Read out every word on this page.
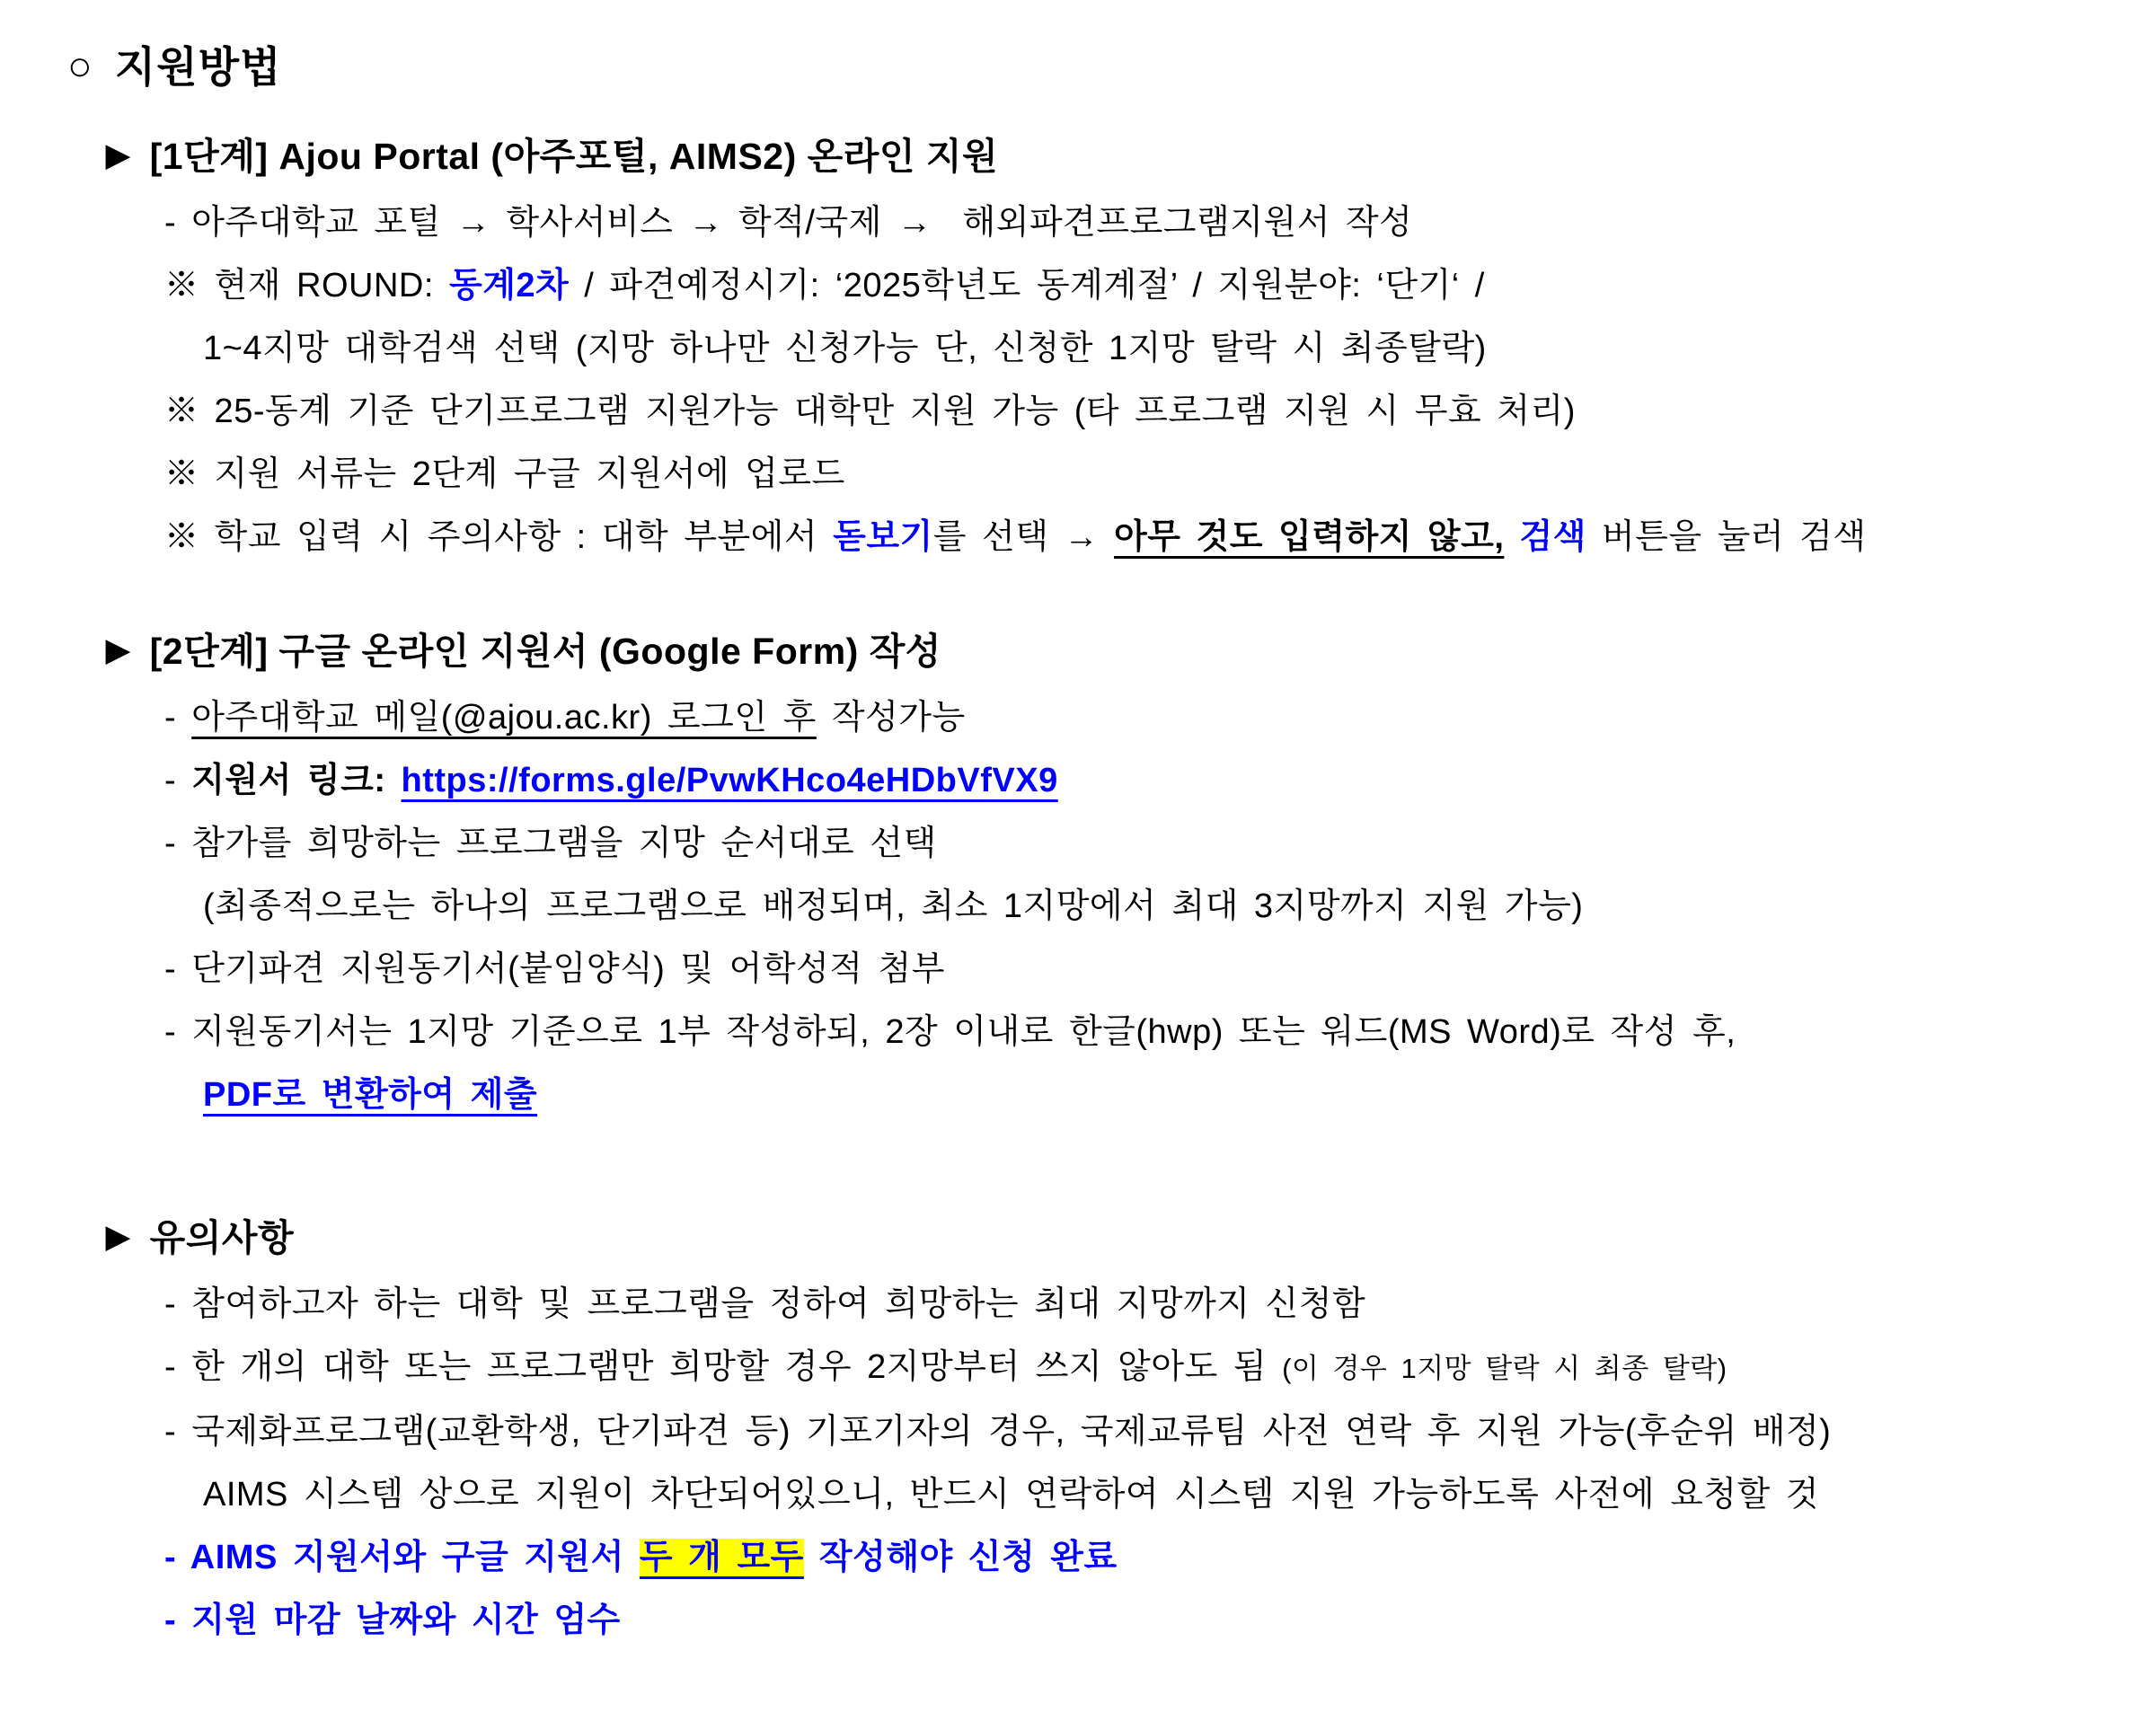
○ 지원방법
▶ [1단계] Ajou Portal (아주포털, AIMS2) 온라인 지원
- 아주대학교 포털 → 학사서비스 → 학적/국제 →  해외파견프로그램지원서 작성
※ 현재 ROUND: 동계2차 / 파견예정시기: ‘2025학년도 동계계절’ / 지원분야: ‘단기‘ /
1~4지망 대학검색 선택 (지망 하나만 신청가능 단, 신청한 1지망 탈락 시 최종탈락)
※ 25-동계 기준 단기프로그램 지원가능 대학만 지원 가능 (타 프로그램 지원 시 무효 처리)
※ 지원 서류는 2단계 구글 지원서에 업로드
※ 학교 입력 시 주의사항 : 대학 부분에서 돋보기를 선택 → 아무 것도 입력하지 않고, 검색 버튼을 눌러 검색
▶ [2단계] 구글 온라인 지원서 (Google Form) 작성
- 아주대학교 메일(@ajou.ac.kr) 로그인 후 작성가능
- 지원서 링크: https://forms.gle/PvwKHco4eHDbVfVX9
- 참가를 희망하는 프로그램을 지망 순서대로 선택
(최종적으로는 하나의 프로그램으로 배정되며, 최소 1지망에서 최대 3지망까지 지원 가능)
- 단기파견 지원동기서(붙임양식) 및 어학성적 첨부
- 지원동기서는 1지망 기준으로 1부 작성하되, 2장 이내로 한글(hwp) 또는 워드(MS Word)로 작성 후,
PDF로 변환하여 제출
▶ 유의사항
- 참여하고자 하는 대학 및 프로그램을 정하여 희망하는 최대 지망까지 신청함
- 한 개의 대학 또는 프로그램만 희망할 경우 2지망부터 쓰지 않아도 됨 (이 경우 1지망 탈락 시 최종 탈락)
- 국제화프로그램(교환학생, 단기파견 등) 기포기자의 경우, 국제교류팀 사전 연락 후 지원 가능(후순위 배정)
AIMS 시스템 상으로 지원이 차단되어있으니, 반드시 연락하여 시스템 지원 가능하도록 사전에 요청할 것
- AIMS 지원서와 구글 지원서 두 개 모두 작성해야 신청 완료
- 지원 마감 날짜와 시간 엄수
